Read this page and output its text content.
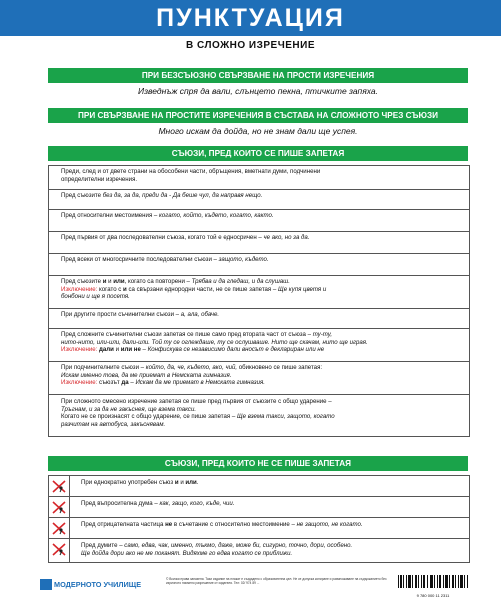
ПУНКТУАЦИЯ
В СЛОЖНО ИЗРЕЧЕНИЕ
ПРИ БЕЗСЪЮЗНО СВЪРЗВАНЕ НА ПРОСТИ ИЗРЕЧЕНИЯ
Изведнъж спря да вали, слънцето пекна, птичките запяха.
ПРИ СВЪРЗВАНЕ НА ПРОСТИТЕ ИЗРЕЧЕНИЯ В СЪСТАВА НА СЛОЖНОТО ЧРЕЗ СЪЮЗИ
Много искам да дойда, но не знам дали ще успея.
СЪЮЗИ, ПРЕД КОИТО СЕ ПИШЕ ЗАПЕТАЯ
Преди, след и от двете страни на обособени части, обръщения, вметнати думи, подчинени
определителни изречения.
Пред съюзите без да, за да, преди да - Да беше чул, да направя нещо.
Пред относителни местоимения – когато, който, където, когато, както.
Пред първия от два последователни съюза, когато той е едносричен – че ако, но за да.
Пред всеки от многосричните последователни съюзи – защото, където.
Пред съюзите и и или, когато са повторени – Трябва и да гледаш, и да слушаш.
Изключение: когато с и са свързани еднородни части, не се пише запетая – Ще купя цветя и
бонбони и ще я посетя.
При другите прости съчинителни съюзи – а, ала, обаче.
Пред сложните съчинителни съюзи запетая се пише само пред втората част от съюза – ту-ту,
нито-нито, или-или, дали-или. Той ту се оглеждаше, ту се ослушваше. Нито ще скачам, нито ще играя.
Изключение: дали и или не – Конфискува се независимо дали вносът е деклариран или не
При подчинителните съюзи – който, да, че, където, ако, чий, обикновено се пише запетая:
Искам именно това, да ме приемат в Немската гимназия.
Изключение: съюзът да – Искам да ме приемат в Немската гимназия.
При сложното смесено изречение запетая се пише пред първия от съюзите с общо ударение –
Тръгнам, и за да не закъснея, ще взема такси.
Когато не се произнасят с общо ударение, се пише запетая – Ще взема такси, защото, когато
разчитам на автобуса, закъснявам.
СЪЮЗИ, ПРЕД КОИТО НЕ СЕ ПИШЕ ЗАПЕТАЯ
При еднократно употребен съюз и и или.
Пред въпросителна дума – как, защо, кого, къде, чии.
Пред отрицателната частица не в съчетание с относително местоимение – не защото, не когато.
Пред думите – само, едва, чак, именно, тъкмо, даже, може би, сигурно, точно, дори, особено.
Ще дойда дори ако не ме поканят. Видяхме го едва когато се приближи.
МОДЕРНОТО УЧИЛИЩЕ
© Всички права запазени. Тази издание на плакат е създадено с образователна цел. Не се допуска копиране и размножаване на съдържанието без изричното писмено разрешение от издателя. Тел: 02/ 974 89 ...
9 780 000 11 2311
